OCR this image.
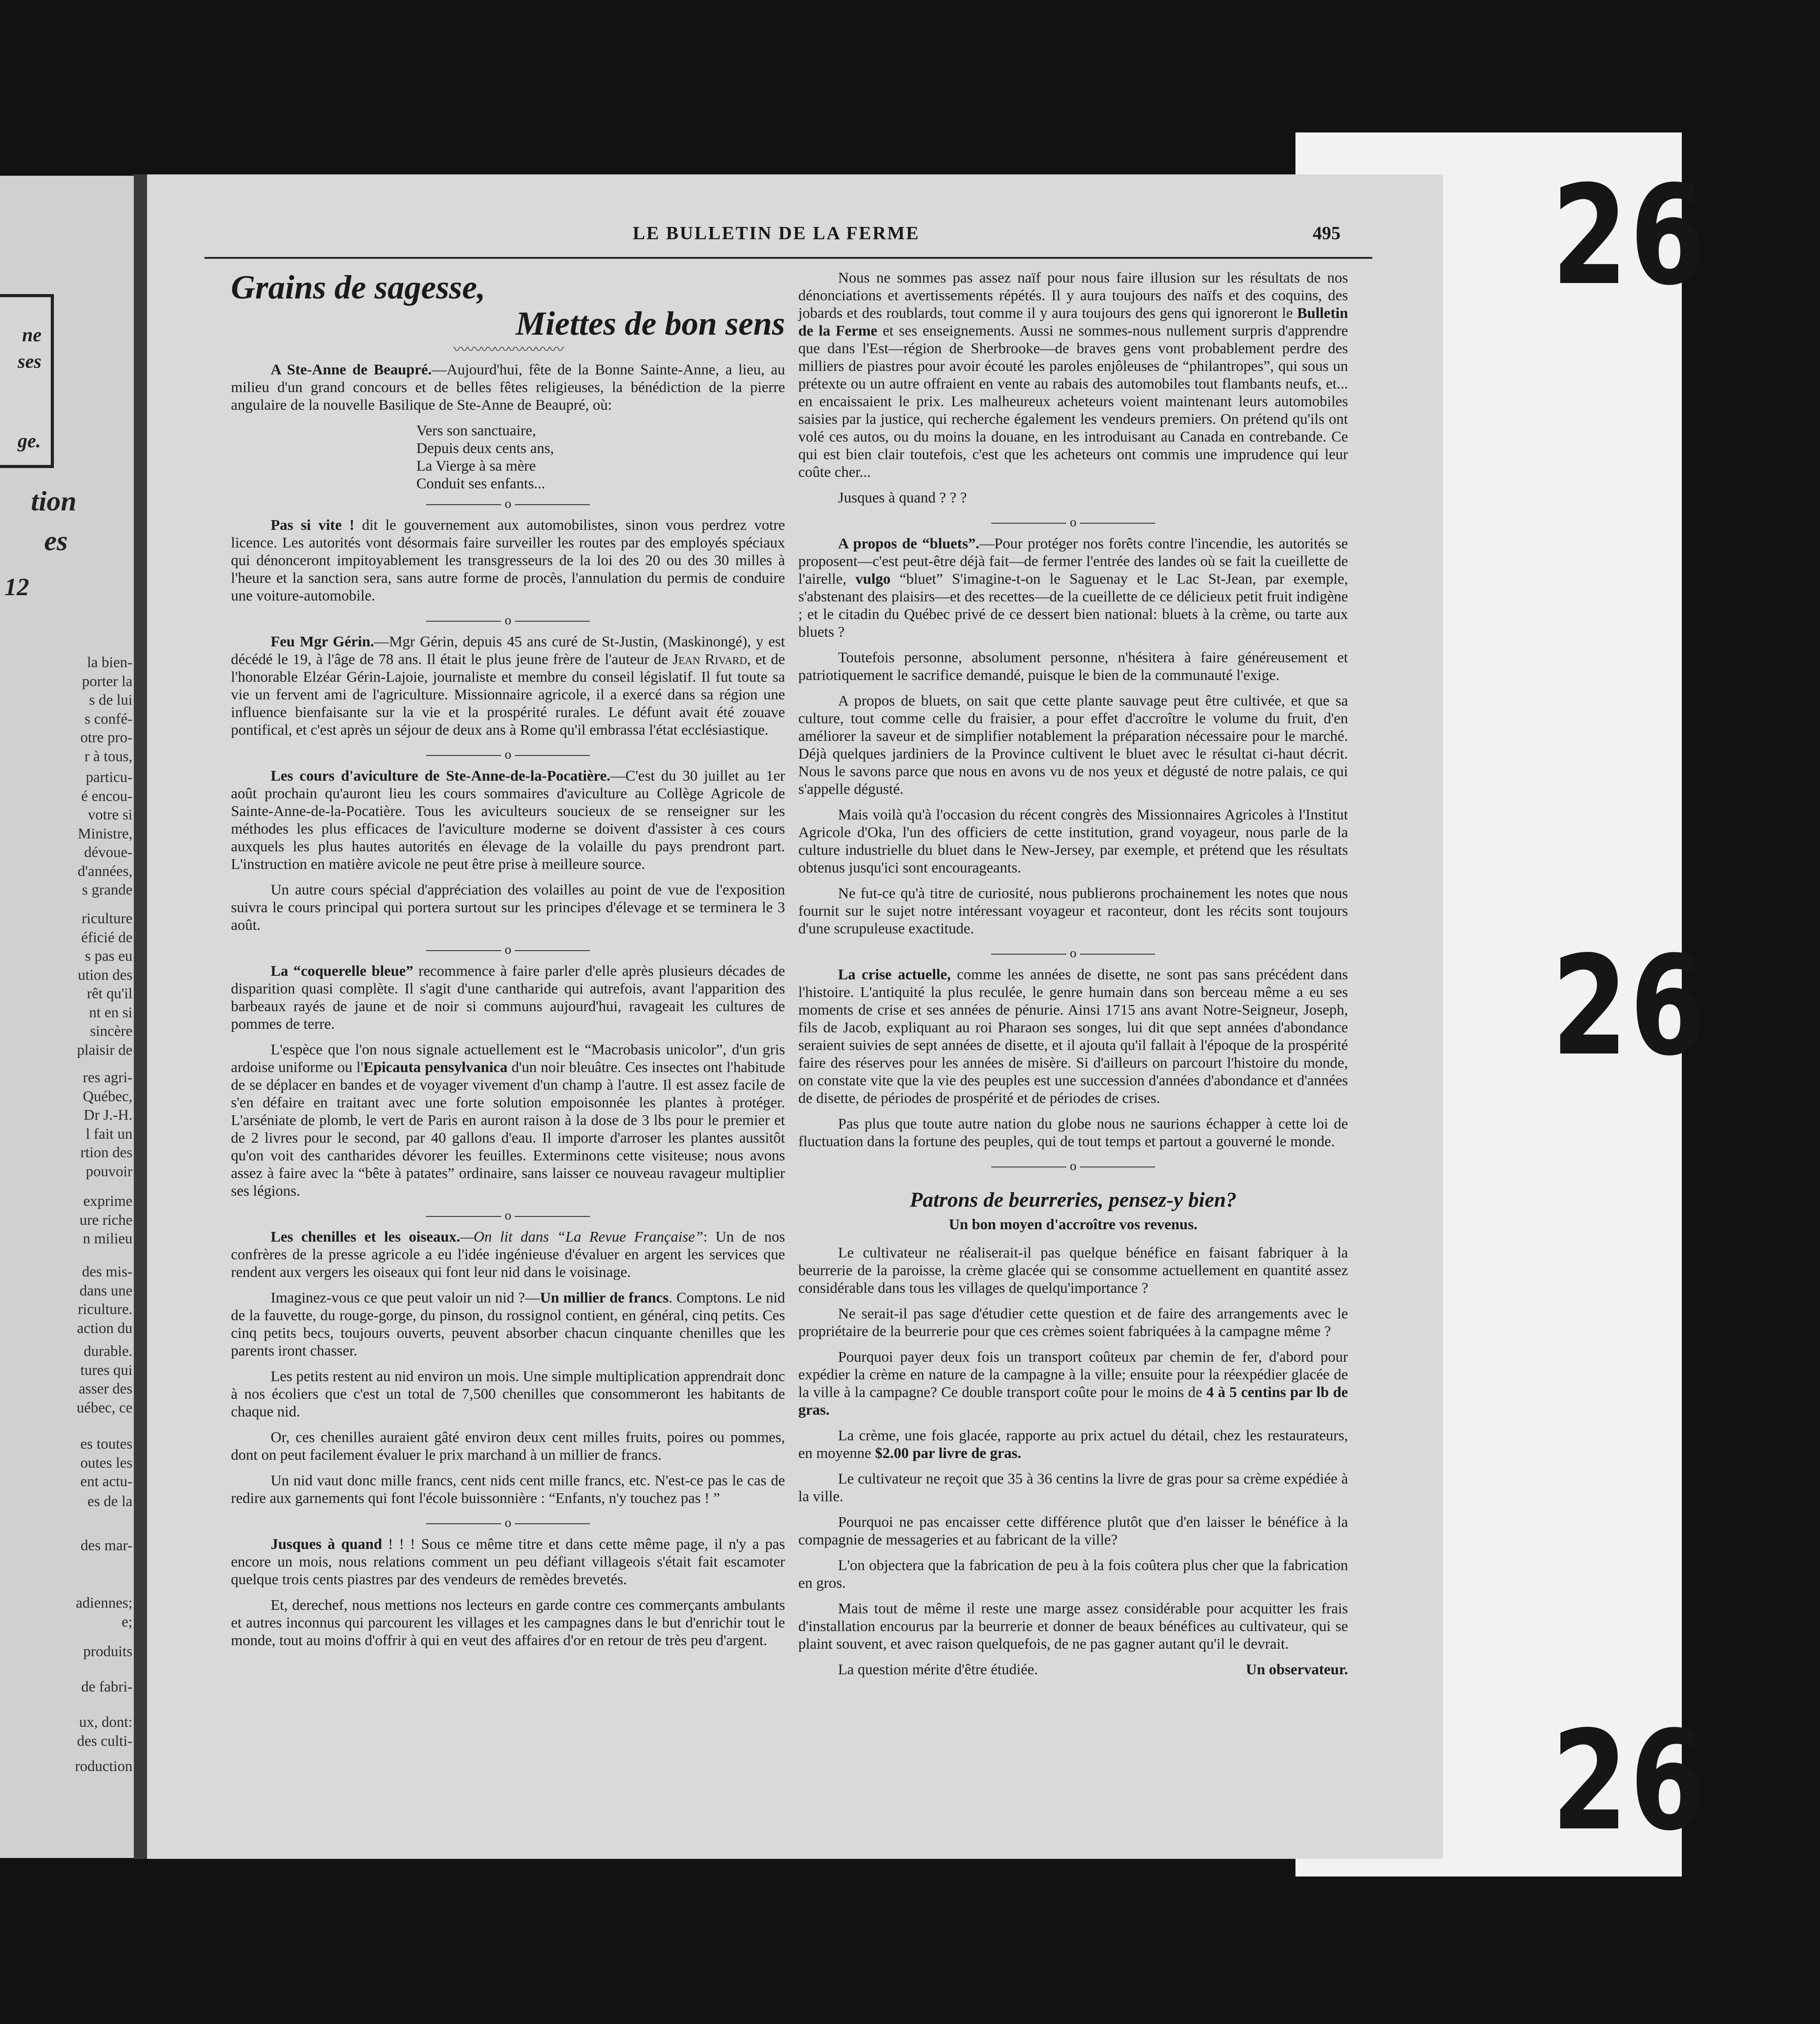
26
26
26
ne
ses
ge.
tion
es
12
la bien-
porter la
s de lui
s confé-
otre pro-
r à tous,
particu-
é encou-
votre si
Ministre,
dévoue-
d'années,
s grande
riculture
éficié de
s pas eu
ution des
rêt qu'il
nt en si
sincère
plaisir de
res agri-
Québec,
Dr J.-H.
l fait un
rtion des
pouvoir
exprime
ure riche
n milieu
des mis-
dans une
riculture.
action du
durable.
tures qui
asser des
uébec, ce
es toutes
outes les
ent actu-
es de la
des mar-
adiennes;
e;
produits
de fabri-
ux, dont:
des culti-
roduction
LE BULLETIN DE LA FERME	495
Grains de sagesse,
Miettes de bon sens
〰〰〰〰〰〰〰〰

A Ste-Anne de Beaupré.—Aujourd'hui, fête de la Bonne Sainte-Anne, a lieu, au milieu d'un grand concours et de belles fêtes religieuses, la bénédiction de la pierre angulaire de la nouvelle Basilique de Ste-Anne de Beaupré, où:

Vers son sanctuaire,
Depuis deux cents ans,
La Vierge à sa mère
Conduit ses enfants...
o

Pas si vite ! dit le gouvernement aux automobilistes, sinon vous perdrez votre licence. Les autorités vont désormais faire surveiller les routes par des employés spéciaux qui dénonceront impitoyablement les transgresseurs de la loi des 20 ou des 30 milles à l'heure et la sanction sera, sans autre forme de procès, l'annulation du permis de conduire une voiture-automobile.

o

Feu Mgr Gérin.—Mgr Gérin, depuis 45 ans curé de St-Justin, (Maskinongé), y est décédé le 19, à l'âge de 78 ans. Il était le plus jeune frère de l'auteur de Jean Rivard, et de l'honorable Elzéar Gérin-Lajoie, journaliste et membre du conseil législatif. Il fut toute sa vie un fervent ami de l'agriculture. Missionnaire agricole, il a exercé dans sa région une influence bienfaisante sur la vie et la prospérité rurales. Le défunt avait été zouave pontifical, et c'est après un séjour de deux ans à Rome qu'il embrassa l'état ecclésiastique.

o

Les cours d'aviculture de Ste-Anne-de-la-Pocatière.—C'est du 30 juillet au 1er août prochain qu'auront lieu les cours sommaires d'aviculture au Collège Agricole de Sainte-Anne-de-la-Pocatière. Tous les aviculteurs soucieux de se renseigner sur les méthodes les plus efficaces de l'aviculture moderne se doivent d'assister à ces cours auxquels les plus hautes autorités en élevage de la volaille du pays prendront part. L'instruction en matière avicole ne peut être prise à meilleure source.

Un autre cours spécial d'appréciation des volailles au point de vue de l'exposition suivra le cours principal qui portera surtout sur les principes d'élevage et se terminera le 3 août.

o

La “coquerelle bleue” recommence à faire parler d'elle après plusieurs décades de disparition quasi complète. Il s'agit d'une cantharide qui autrefois, avant l'apparition des barbeaux rayés de jaune et de noir si communs aujourd'hui, ravageait les cultures de pommes de terre.

L'espèce que l'on nous signale actuellement est le “Macrobasis unicolor”, d'un gris ardoise uniforme ou l'Epicauta pensylvanica d'un noir bleuâtre. Ces insectes ont l'habitude de se déplacer en bandes et de voyager vivement d'un champ à l'autre. Il est assez facile de s'en défaire en traitant avec une forte solution empoisonnée les plantes à protéger. L'arséniate de plomb, le vert de Paris en auront raison à la dose de 3 lbs pour le premier et de 2 livres pour le second, par 40 gallons d'eau. Il importe d'arroser les plantes aussitôt qu'on voit des cantharides dévorer les feuilles. Exterminons cette visiteuse; nous avons assez à faire avec la “bête à patates” ordinaire, sans laisser ce nouveau ravageur multiplier ses légions.

o

Les chenilles et les oiseaux.—On lit dans “La Revue Française”: Un de nos confrères de la presse agricole a eu l'idée ingénieuse d'évaluer en argent les services que rendent aux vergers les oiseaux qui font leur nid dans le voisinage.

Imaginez-vous ce que peut valoir un nid ?—Un millier de francs. Comptons. Le nid de la fauvette, du rouge-gorge, du pinson, du rossignol contient, en général, cinq petits. Ces cinq petits becs, toujours ouverts, peuvent absorber chacun cinquante chenilles que les parents iront chasser.

Les petits restent au nid environ un mois. Une simple multiplication apprendrait donc à nos écoliers que c'est un total de 7,500 chenilles que consommeront les habitants de chaque nid.

Or, ces chenilles auraient gâté environ deux cent milles fruits, poires ou pommes, dont on peut facilement évaluer le prix marchand à un millier de francs.

Un nid vaut donc mille francs, cent nids cent mille francs, etc. N'est-ce pas le cas de redire aux garnements qui font l'école buissonnière : “Enfants, n'y touchez pas ! ”

o

Jusques à quand ! ! ! Sous ce même titre et dans cette même page, il n'y a pas encore un mois, nous relations comment un peu défiant villageois s'était fait escamoter quelque trois cents piastres par des vendeurs de remèdes brevetés.

Et, derechef, nous mettions nos lecteurs en garde contre ces commerçants ambulants et autres inconnus qui parcourent les villages et les campagnes dans le but d'enrichir tout le monde, tout au moins d'offrir à qui en veut des affaires d'or en retour de très peu d'argent.

Nous ne sommes pas assez naïf pour nous faire illusion sur les résultats de nos dénonciations et avertissements répétés. Il y aura toujours des naïfs et des coquins, des jobards et des roublards, tout comme il y aura toujours des gens qui ignoreront le Bulletin de la Ferme et ses enseignements. Aussi ne sommes-nous nullement surpris d'apprendre que dans l'Est—région de Sherbrooke—de braves gens vont probablement perdre des milliers de piastres pour avoir écouté les paroles enjôleuses de “philantropes”, qui sous un prétexte ou un autre offraient en vente au rabais des automobiles tout flambants neufs, et... en encaissaient le prix. Les malheureux acheteurs voient maintenant leurs automobiles saisies par la justice, qui recherche également les vendeurs premiers. On prétend qu'ils ont volé ces autos, ou du moins la douane, en les introduisant au Canada en contrebande. Ce qui est bien clair toutefois, c'est que les acheteurs ont commis une imprudence qui leur coûte cher...

Jusques à quand ? ? ?

o

A propos de “bluets”.—Pour protéger nos forêts contre l'incendie, les autorités se proposent—c'est peut-être déjà fait—de fermer l'entrée des landes où se fait la cueillette de l'airelle, vulgo “bluet” S'imagine-t-on le Saguenay et le Lac St-Jean, par exemple, s'abstenant des plaisirs—et des recettes—de la cueillette de ce délicieux petit fruit indigène ; et le citadin du Québec privé de ce dessert bien national: bluets à la crème, ou tarte aux bluets ?

Toutefois personne, absolument personne, n'hésitera à faire généreusement et patriotiquement le sacrifice demandé, puisque le bien de la communauté l'exige.

A propos de bluets, on sait que cette plante sauvage peut être cultivée, et que sa culture, tout comme celle du fraisier, a pour effet d'accroître le volume du fruit, d'en améliorer la saveur et de simplifier notablement la préparation nécessaire pour le marché. Déjà quelques jardiniers de la Province cultivent le bluet avec le résultat ci-haut décrit. Nous le savons parce que nous en avons vu de nos yeux et dégusté de notre palais, ce qui s'appelle dégusté.

Mais voilà qu'à l'occasion du récent congrès des Missionnaires Agricoles à l'Institut Agricole d'Oka, l'un des officiers de cette institution, grand voyageur, nous parle de la culture industrielle du bluet dans le New-Jersey, par exemple, et prétend que les résultats obtenus jusqu'ici sont encourageants.

Ne fut-ce qu'à titre de curiosité, nous publierons prochainement les notes que nous fournit sur le sujet notre intéressant voyageur et raconteur, dont les récits sont toujours d'une scrupuleuse exactitude.

o

La crise actuelle, comme les années de disette, ne sont pas sans précédent dans l'histoire. L'antiquité la plus reculée, le genre humain dans son berceau même a eu ses moments de crise et ses années de pénurie. Ainsi 1715 ans avant Notre-Seigneur, Joseph, fils de Jacob, expliquant au roi Pharaon ses songes, lui dit que sept années d'abondance seraient suivies de sept années de disette, et il ajouta qu'il fallait à l'époque de la prospérité faire des réserves pour les années de misère. Si d'ailleurs on parcourt l'histoire du monde, on constate vite que la vie des peuples est une succession d'années d'abondance et d'années de disette, de périodes de prospérité et de périodes de crises.

Pas plus que toute autre nation du globe nous ne saurions échapper à cette loi de fluctuation dans la fortune des peuples, qui de tout temps et partout a gouverné le monde.

o
Patrons de beurreries, pensez-y bien?
Un bon moyen d'accroître vos revenus.

Le cultivateur ne réaliserait-il pas quelque bénéfice en faisant fabriquer à la beurrerie de la paroisse, la crème glacée qui se consomme actuellement en quantité assez considérable dans tous les villages de quelqu'importance ?

Ne serait-il pas sage d'étudier cette question et de faire des arrangements avec le propriétaire de la beurrerie pour que ces crèmes soient fabriquées à la campagne même ?

Pourquoi payer deux fois un transport coûteux par chemin de fer, d'abord pour expédier la crème en nature de la campagne à la ville; ensuite pour la réexpédier glacée de la ville à la campagne? Ce double transport coûte pour le moins de 4 à 5 centins par lb de gras.

La crème, une fois glacée, rapporte au prix actuel du détail, chez les restaurateurs, en moyenne $2.00 par livre de gras.

Le cultivateur ne reçoit que 35 à 36 centins la livre de gras pour sa crème expédiée à la ville.

Pourquoi ne pas encaisser cette différence plutôt que d'en laisser le bénéfice à la compagnie de messageries et au fabricant de la ville?

L'on objectera que la fabrication de peu à la fois coûtera plus cher que la fabrication en gros.

Mais tout de même il reste une marge assez considérable pour acquitter les frais d'installation encourus par la beurrerie et donner de beaux bénéfices au cultivateur, qui se plaint souvent, et avec raison quelquefois, de ne pas gagner autant qu'il le devrait.

La question mérite d'être étudiée.	Un observateur.
